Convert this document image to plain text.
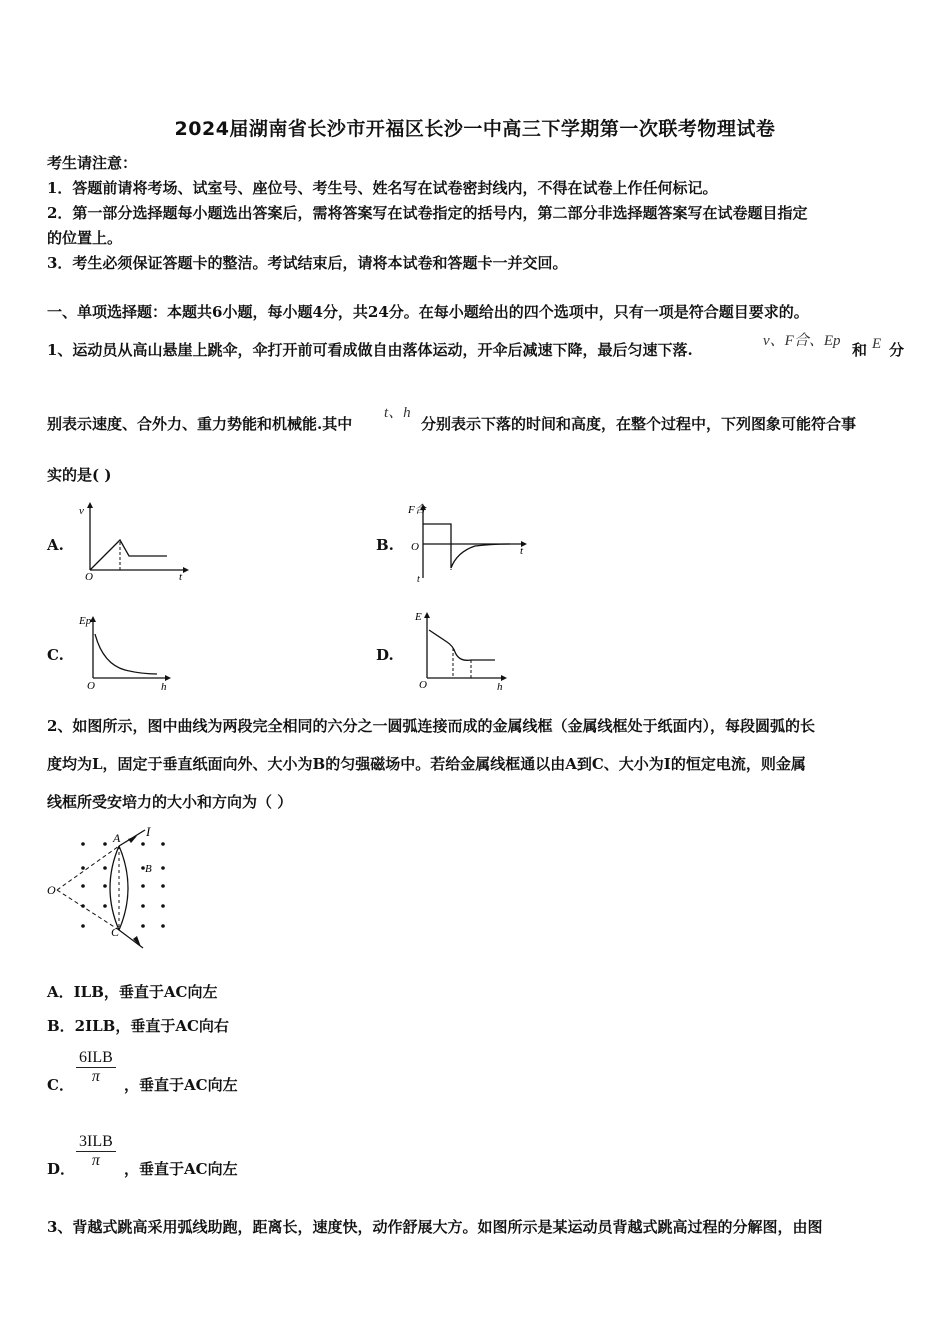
2024届湖南省长沙市开福区长沙一中高三下学期第一次联考物理试卷
考生请注意：
1．答题前请将考场、试室号、座位号、考生号、姓名写在试卷密封线内，不得在试卷上作任何标记。
2．第一部分选择题每小题选出答案后，需将答案写在试卷指定的括号内，第二部分非选择题答案写在试卷题目指定
的位置上。
3．考生必须保证答题卡的整洁。考试结束后，请将本试卷和答题卡一并交回。
一、单项选择题：本题共6小题，每小题4分，共24分。在每小题给出的四个选项中，只有一项是符合题目要求的。
1、运动员从高山悬崖上跳伞，伞打开前可看成做自由落体运动，开伞后减速下降，最后匀速下落.	v、F合、Ep 和 E 分
别表示速度、合外力、重力势能和机械能.其中
t、h
分别表示下落的时间和高度，在整个过程中，下列图象可能符合事
实的是( )
A.	B.
C.	D.
v
t
O
F合
t
O
t
Ep
h
O
E
h
O
2、如图所示，图中曲线为两段完全相同的六分之一圆弧连接而成的金属线框（金属线框处于纸面内），每段圆弧的长
度均为L，固定于垂直纸面向外、大小为B的匀强磁场中。若给金属线框通以由A到C、大小为I的恒定电流，则金属
线框所受安培力的大小和方向为（ ）
O
A
C
B
I
A．ILB，垂直于AC向左
B．2ILB，垂直于AC向右
C．
6ILB
π	，垂直于AC向左
D．
3ILB
π	，垂直于AC向左
3、背越式跳高采用弧线助跑，距离长，速度快，动作舒展大方。如图所示是某运动员背越式跳高过程的分解图，由图
